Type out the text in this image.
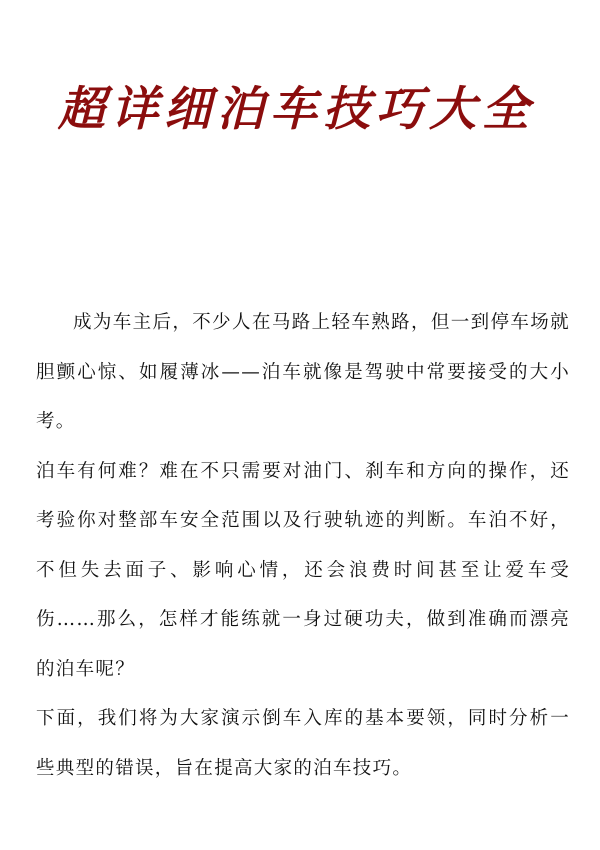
超详细泊车技巧大全

成为车主后，不少人在马路上轻车熟路，但一到停车场就胆颤心惊、如履薄冰——泊车就像是驾驶中常要接受的大小考。

泊车有何难？难在不只需要对油门、刹车和方向的操作，还考验你对整部车安全范围以及行驶轨迹的判断。车泊不好，不但失去面子、影响心情，还会浪费时间甚至让爱车受伤……那么，怎样才能练就一身过硬功夫，做到准确而漂亮的泊车呢？

下面，我们将为大家演示倒车入库的基本要领，同时分析一些典型的错误，旨在提高大家的泊车技巧。
